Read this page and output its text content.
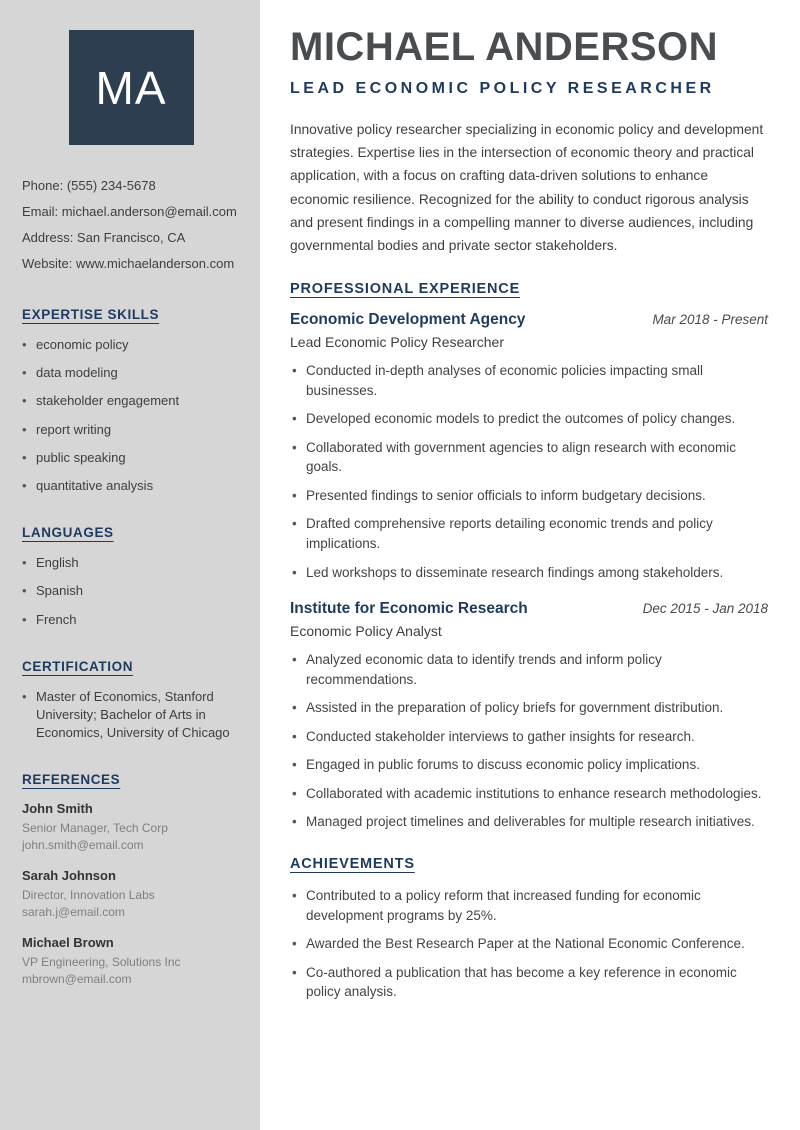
MA
Phone: (555) 234-5678
Email: michael.anderson@email.com
Address: San Francisco, CA
Website: www.michaelanderson.com
EXPERTISE SKILLS
• economic policy
• data modeling
• stakeholder engagement
• report writing
• public speaking
• quantitative analysis
LANGUAGES
• English
• Spanish
• French
CERTIFICATION
• Master of Economics, Stanford University; Bachelor of Arts in Economics, University of Chicago
REFERENCES
John Smith
Senior Manager, Tech Corp
john.smith@email.com
Sarah Johnson
Director, Innovation Labs
sarah.j@email.com
Michael Brown
VP Engineering, Solutions Inc
mbrown@email.com
MICHAEL ANDERSON
LEAD ECONOMIC POLICY RESEARCHER

Innovative policy researcher specializing in economic policy and development strategies. Expertise lies in the intersection of economic theory and practical application, with a focus on crafting data-driven solutions to enhance economic resilience. Recognized for the ability to conduct rigorous analysis and present findings in a compelling manner to diverse audiences, including governmental bodies and private sector stakeholders.

PROFESSIONAL EXPERIENCE
Economic Development Agency	Mar 2018 - Present
Lead Economic Policy Researcher
• Conducted in-depth analyses of economic policies impacting small businesses.
• Developed economic models to predict the outcomes of policy changes.
• Collaborated with government agencies to align research with economic goals.
• Presented findings to senior officials to inform budgetary decisions.
• Drafted comprehensive reports detailing economic trends and policy implications.
• Led workshops to disseminate research findings among stakeholders.
Institute for Economic Research	Dec 2015 - Jan 2018
Economic Policy Analyst
• Analyzed economic data to identify trends and inform policy recommendations.
• Assisted in the preparation of policy briefs for government distribution.
• Conducted stakeholder interviews to gather insights for research.
• Engaged in public forums to discuss economic policy implications.
• Collaborated with academic institutions to enhance research methodologies.
• Managed project timelines and deliverables for multiple research initiatives.
ACHIEVEMENTS
• Contributed to a policy reform that increased funding for economic development programs by 25%.
• Awarded the Best Research Paper at the National Economic Conference.
• Co-authored a publication that has become a key reference in economic policy analysis.
